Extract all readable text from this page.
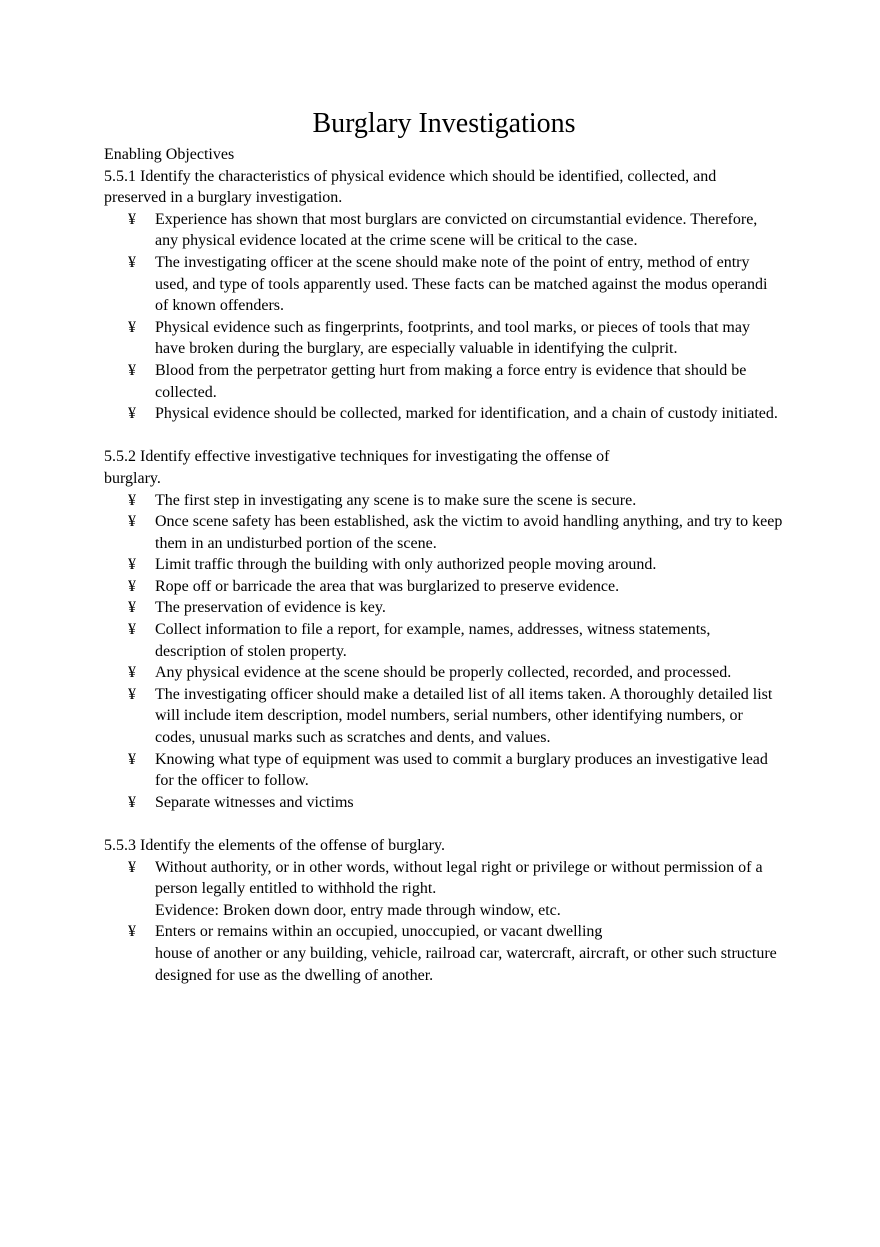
Burglary Investigations

Enabling Objectives

5.5.1 Identify the characteristics of physical evidence which should be identified, collected, and
preserved in a burglary investigation.

¥ Experience has shown that most burglars are convicted on circumstantial evidence. Therefore, any physical evidence located at the crime scene will be critical to the case.
¥ The investigating officer at the scene should make note of the point of entry, method of entry used, and type of tools apparently used. These facts can be matched against the modus operandi of known offenders.
¥ Physical evidence such as fingerprints, footprints, and tool marks, or pieces of tools that may have broken during the burglary, are especially valuable in identifying the culprit.
¥ Blood from the perpetrator getting hurt from making a force entry is evidence that should be collected.
¥ Physical evidence should be collected, marked for identification, and a chain of custody initiated.

5.5.2 Identify effective investigative techniques for investigating the offense of
burglary.

¥ The first step in investigating any scene is to make sure the scene is secure.
¥ Once scene safety has been established, ask the victim to avoid handling anything, and try to keep them in an undisturbed portion of the scene.
¥ Limit traffic through the building with only authorized people moving around.
¥ Rope off or barricade the area that was burglarized to preserve evidence.
¥ The preservation of evidence is key.
¥ Collect information to file a report, for example, names, addresses, witness statements, description of stolen property.
¥ Any physical evidence at the scene should be properly collected, recorded, and processed.
¥ The investigating officer should make a detailed list of all items taken. A thoroughly detailed list will include item description, model numbers, serial numbers, other identifying numbers, or codes, unusual marks such as scratches and dents, and values.
¥ Knowing what type of equipment was used to commit a burglary produces an investigative lead for the officer to follow.
¥ Separate witnesses and victims

5.5.3 Identify the elements of the offense of burglary.

¥ Without authority, or in other words, without legal right or privilege or without permission of a person legally entitled to withhold the right.
Evidence: Broken down door, entry made through window, etc.
¥ Enters or remains within an occupied, unoccupied, or vacant dwelling
house of another or any building, vehicle, railroad car, watercraft, aircraft, or other such structure designed for use as the dwelling of another.
